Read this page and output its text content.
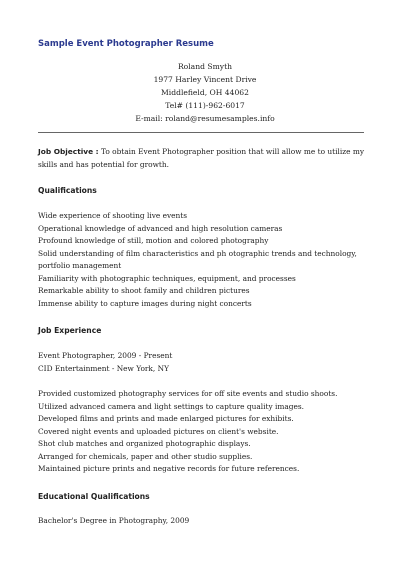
Sample Event Photographer Resume
Roland Smyth
1977 Harley Vincent Drive
Middlefield, OH 44062
Tel# (111)-962-6017
E-mail: roland@resumesamples.info
Job Objective : To obtain Event Photographer position that will allow me to utilize my skills and has potential for growth.
Qualifications
Wide experience of shooting live events
Operational knowledge of advanced and high resolution cameras
Profound knowledge of still, motion and colored photography
Solid understanding of film characteristics and ph otographic trends and technology, portfolio management
Familiarity with photographic techniques, equipment, and processes
Remarkable ability to shoot family and children pictures
Immense ability to capture images during night concerts
Job Experience
Event Photographer, 2009 - Present
CID Entertainment - New York, NY
Provided customized photography services for off site events and studio shoots.
Utilized advanced camera and light settings to capture quality images.
Developed films and prints and made enlarged pictures for exhibits.
Covered night events and uploaded pictures on client's website.
Shot club matches and organized photographic displays.
Arranged for chemicals, paper and other studio supplies.
Maintained picture prints and negative records for future references.
Educational Qualifications
Bachelor's Degree in Photography, 2009
